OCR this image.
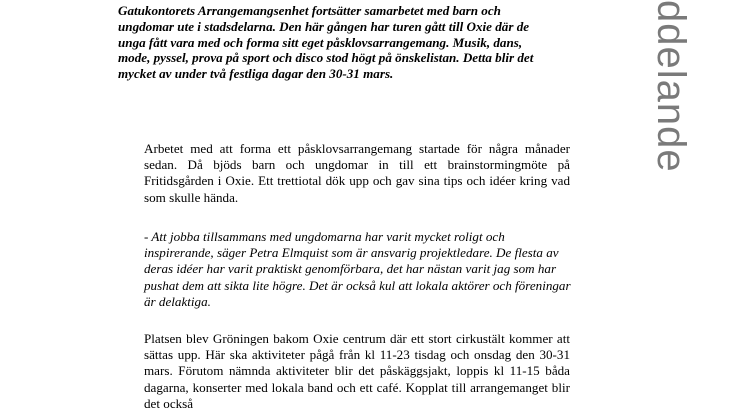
Gatukontorets Arrangemangsenhet fortsätter samarbetet med barn och ungdomar ute i stadsdelarna. Den här gången har turen gått till Oxie där de unga fått vara med och forma sitt eget påsklovsarrangemang. Musik, dans, mode, pyssel, prova på sport och disco stod högt på önskelistan. Detta blir det mycket av under två festliga dagar den 30-31 mars.

Arbetet med att forma ett påsklovsarrangemang startade för några månader sedan. Då bjöds barn och ungdomar in till ett brainstormingmöte på Fritidsgården i Oxie. Ett trettiotal dök upp och gav sina tips och idéer kring vad som skulle hända.

- Att jobba tillsammans med ungdomarna har varit mycket roligt och inspirerande, säger Petra Elmquist som är ansvarig projektledare. De flesta av deras idéer har varit praktiskt genomförbara, det har nästan varit jag som har pushat dem att sikta lite högre. Det är också kul att lokala aktörer och föreningar är delaktiga.

Platsen blev Gröningen bakom Oxie centrum där ett stort cirkustält kommer att sättas upp. Här ska aktiviteter pågå från kl 11-23 tisdag och onsdag den 30-31 mars. Förutom nämnda aktiviteter blir det påskäggsjakt, loppis kl 11-15 båda dagarna, konserter med lokala band och ett café. Kopplat till arrangemanget blir det också

ddelande
